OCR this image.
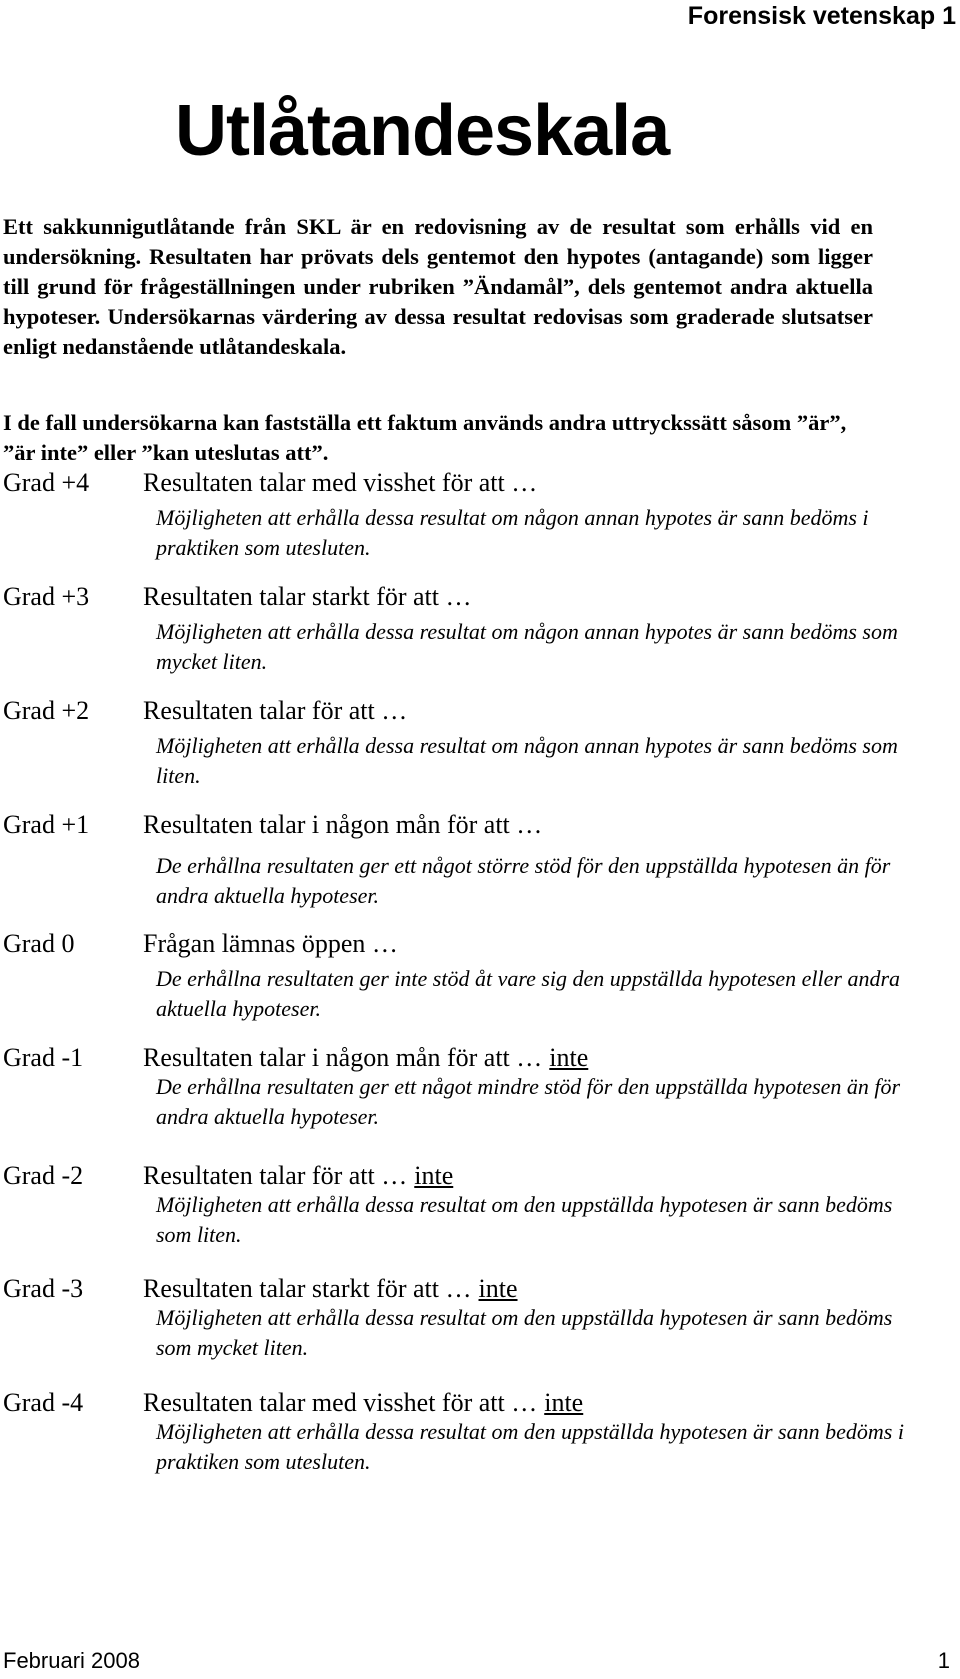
Forensisk vetenskap 1
Utlåtandeskala

Ett sakkunnigutlåtande från SKL är en redovisning av de resultat som erhålls vid en undersökning. Resultaten har prövats dels gentemot den hypotes (antagande) som ligger till grund för frågeställningen under rubriken ”Ändamål”, dels gentemot andra aktuella hypoteser. Undersökarnas värdering av dessa resultat redovisas som graderade slutsatser enligt nedanstående utlåtandeskala.

I de fall undersökarna kan fastställa ett faktum används andra uttryckssätt såsom ”är”, ”är inte” eller ”kan uteslutas att”.

Grad +4 Resultaten talar med visshet för att …
Möjligheten att erhålla dessa resultat om någon annan hypotes är sann bedöms i praktiken som utesluten.
Grad +3 Resultaten talar starkt för att …
Möjligheten att erhålla dessa resultat om någon annan hypotes är sann bedöms som mycket liten.
Grad +2 Resultaten talar för att …
Möjligheten att erhålla dessa resultat om någon annan hypotes är sann bedöms som liten.
Grad +1 Resultaten talar i någon mån för att …
De erhållna resultaten ger ett något större stöd för den uppställda hypotesen än för andra aktuella hypoteser.
Grad 0	Frågan lämnas öppen …
De erhållna resultaten ger inte stöd åt vare sig den uppställda hypotesen eller andra aktuella hypoteser.
Grad -1 Resultaten talar i någon mån för att … inte
De erhållna resultaten ger ett något mindre stöd för den uppställda hypotesen än för andra aktuella hypoteser.
Grad -2 Resultaten talar för att … inte
Möjligheten att erhålla dessa resultat om den uppställda hypotesen är sann bedöms som liten.
Grad -3 Resultaten talar starkt för att … inte
Möjligheten att erhålla dessa resultat om den uppställda hypotesen är sann bedöms som mycket liten.
Grad -4 Resultaten talar med visshet för att … inte
Möjligheten att erhålla dessa resultat om den uppställda hypotesen är sann bedöms i praktiken som utesluten.
Februari 2008	1
